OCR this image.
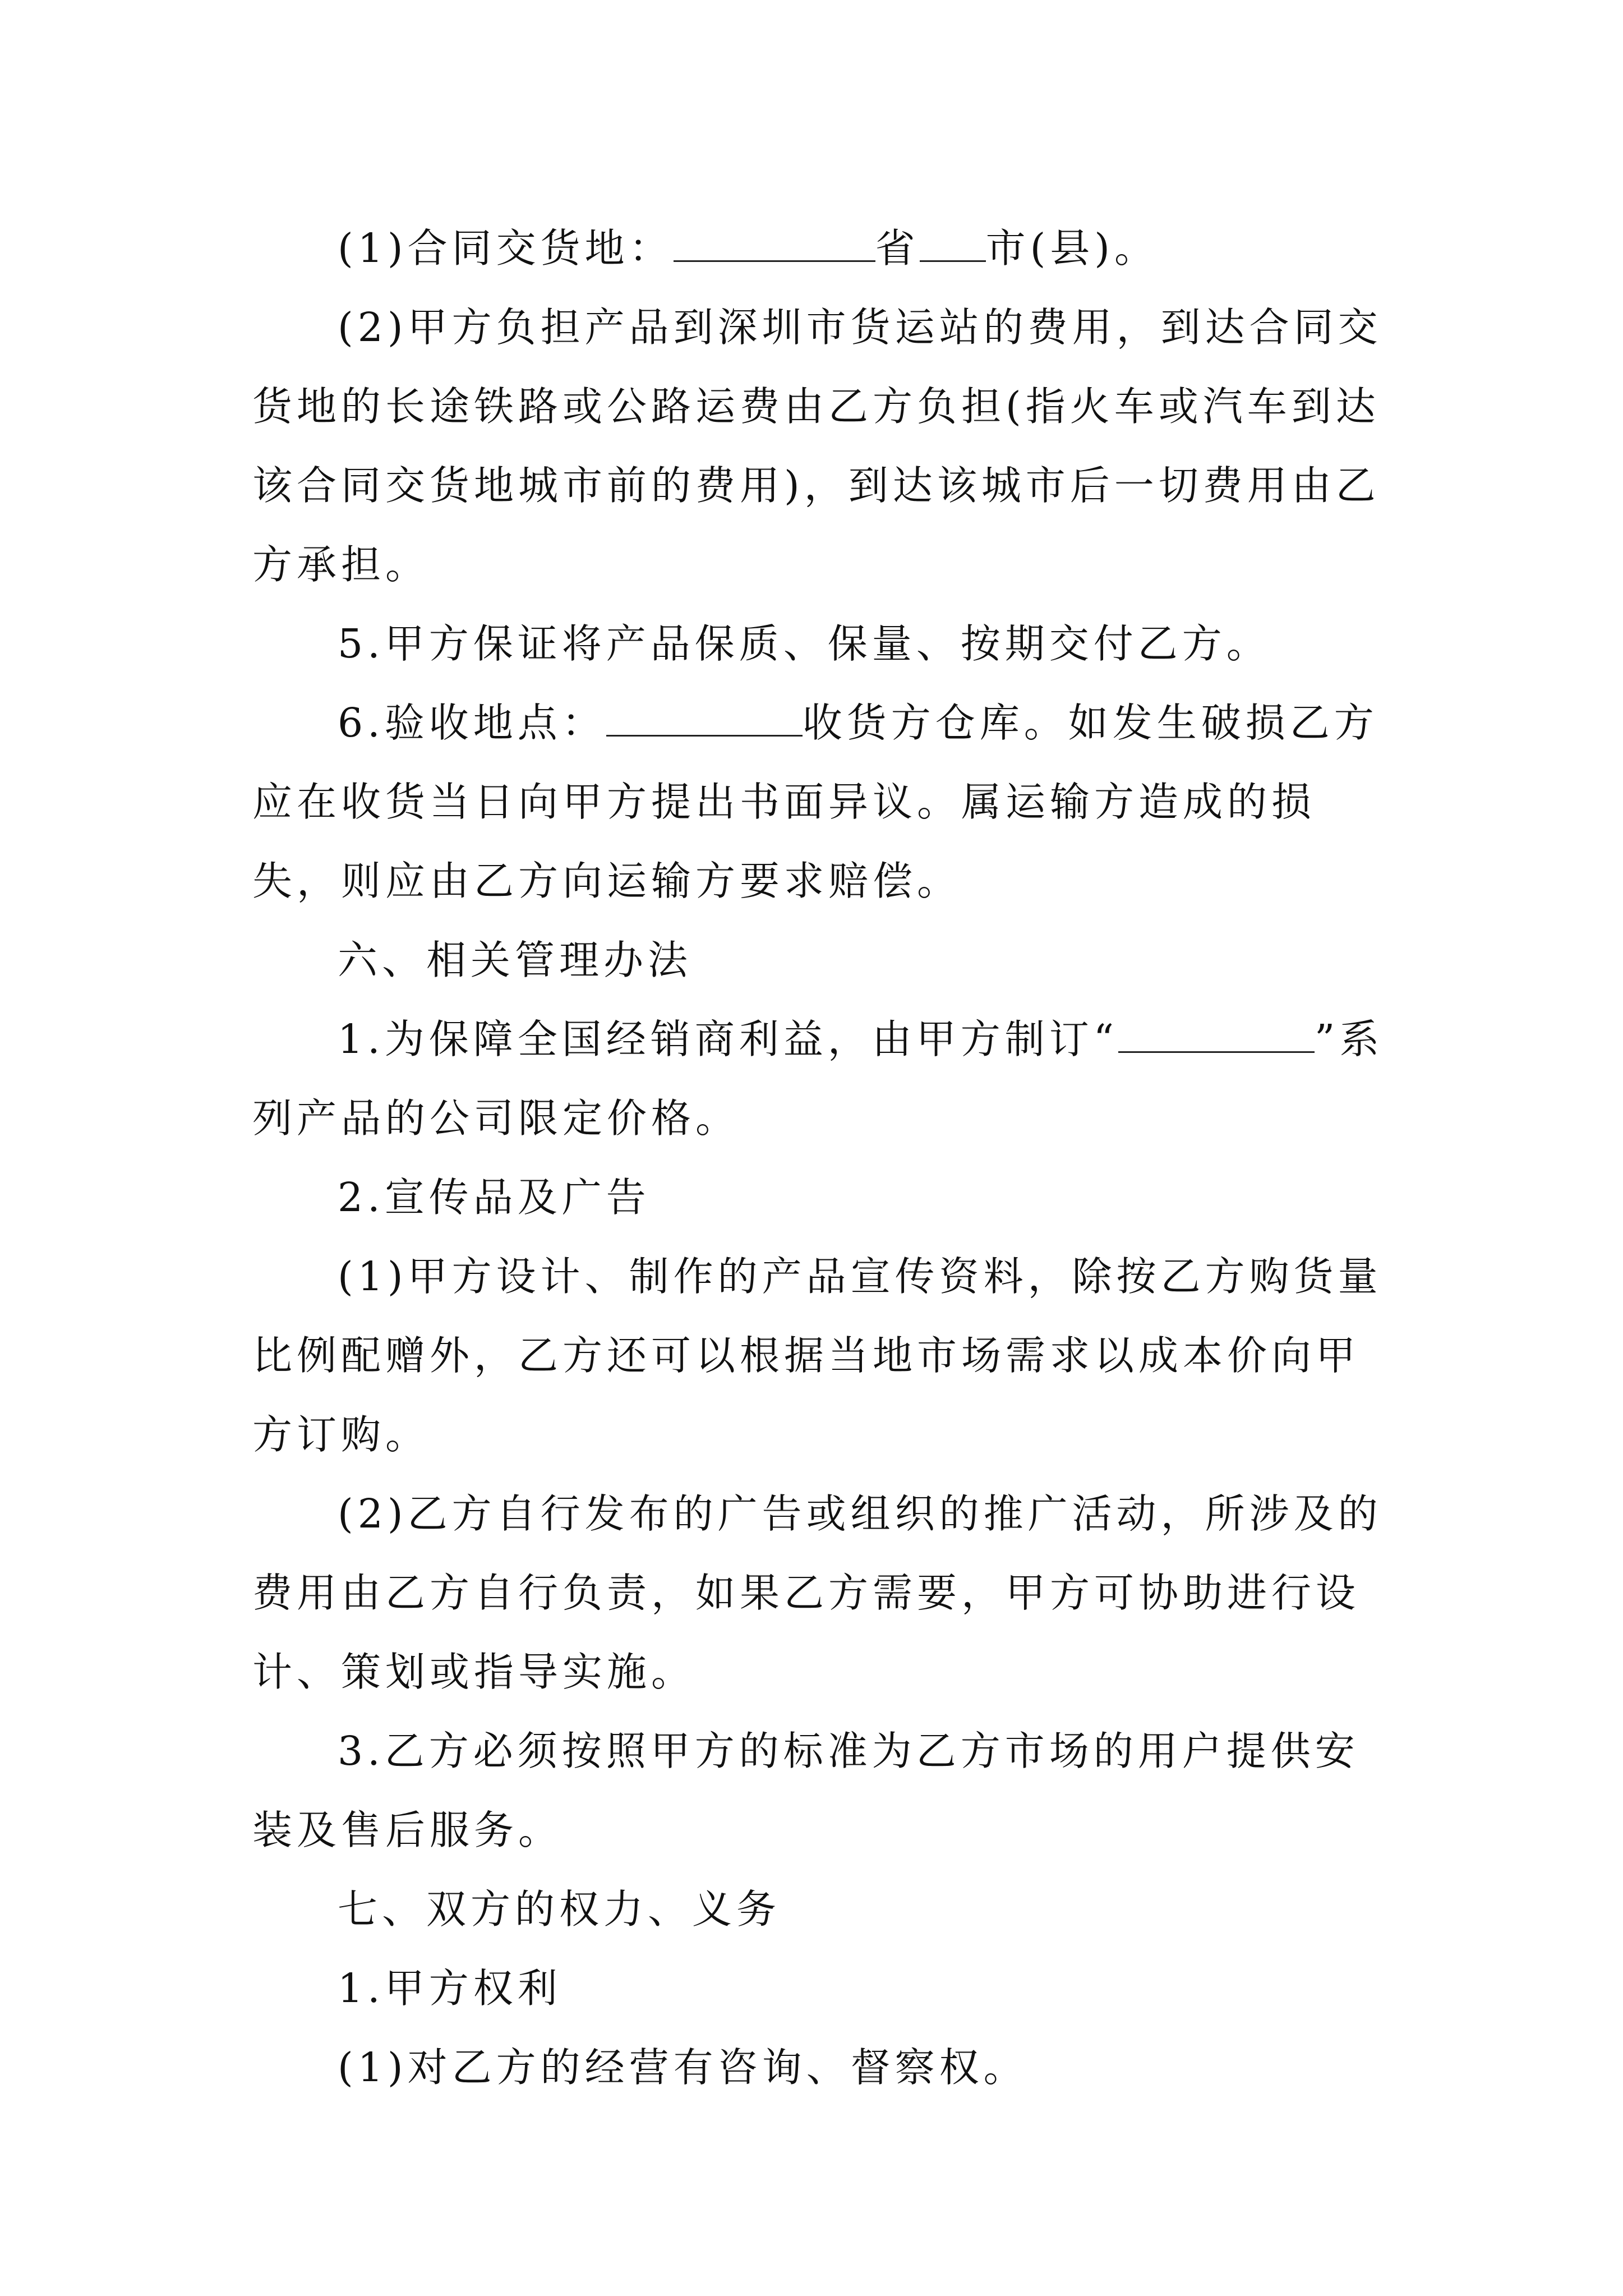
(1)合同交货地：	省 市(县)。

(2)甲方负担产品到深圳市货运站的费用，到达合同交货地的长途铁路或公路运费由乙方负担(指火车或汽车到达该合同交货地城市前的费用)，到达该城市后一切费用由乙方承担。

5.甲方保证将产品保质、保量、按期交付乙方。

6.验收地点：	收货方仓库。如发生破损乙方应在收货当日向甲方提出书面异议。属运输方造成的损失，则应由乙方向运输方要求赔偿。

六、相关管理办法

1.为保障全国经销商利益，由甲方制订“	”系列产品的公司限定价格。

2.宣传品及广告

(1)甲方设计、制作的产品宣传资料，除按乙方购货量比例配赠外，乙方还可以根据当地市场需求以成本价向甲方订购。

(2)乙方自行发布的广告或组织的推广活动，所涉及的费用由乙方自行负责，如果乙方需要，甲方可协助进行设计、策划或指导实施。

3.乙方必须按照甲方的标准为乙方市场的用户提供安装及售后服务。

七、双方的权力、义务

1.甲方权利

(1)对乙方的经营有咨询、督察权。
